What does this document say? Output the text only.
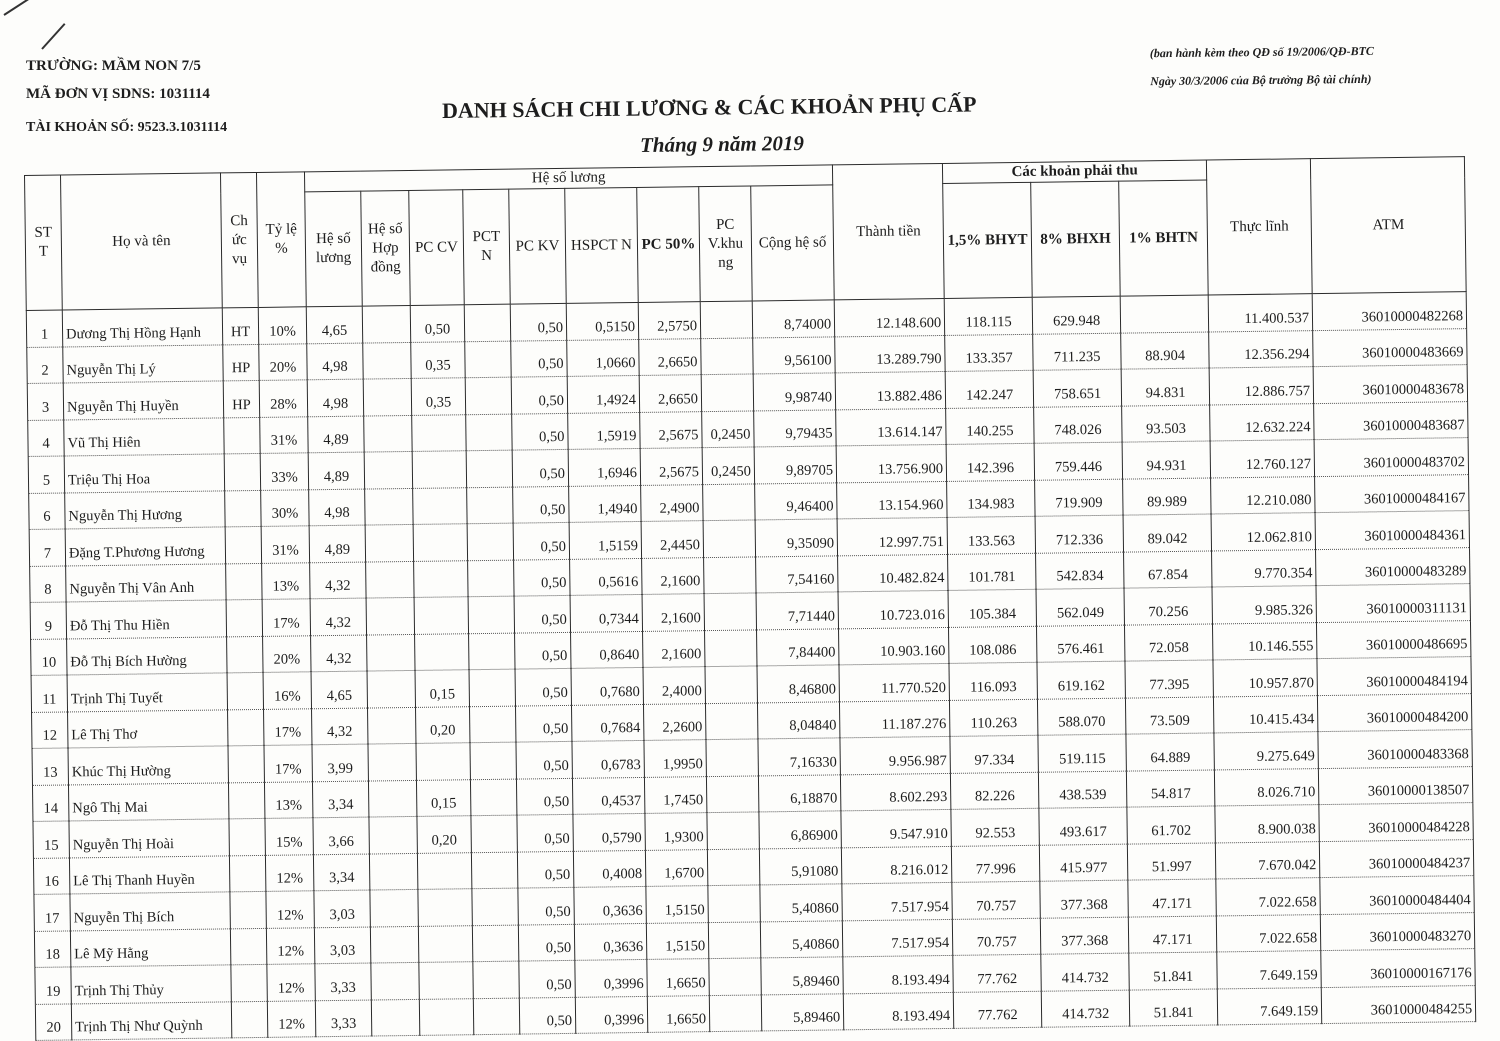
TRƯỜNG: MẦM NON 7/5
MÃ ĐƠN VỊ SDNS: 1031114
TÀI KHOẢN SỐ: 9523.3.1031114
(ban hành kèm theo QĐ số 19/2006/QĐ-BTC
Ngày 30/3/2006 của Bộ trưởng Bộ tài chính)
DANH SÁCH CHI LƯƠNG & CÁC KHOẢN PHỤ CẤP
Tháng 9 năm 2019
ST T	Họ và tên	Ch ức vụ	Tỷ lệ %	Hệ số lương									Thành tiền	Các khoản phải thu			Thực lĩnh	ATM
				Hệ số lương	Hệ số Hợp đồng	PC CV	PCT N	PC KV	HSPCT N	PC 50%	PC V.khu ng	Cộng hệ số		1,5% BHYT	8% BHXH	1% BHTN		
1	Dương Thị Hồng Hạnh	HT	10%	4,65		0,50		0,50	0,5150	2,5750		8,74000	12.148.600	118.115	629.948		11.400.537	36010000482268
2	Nguyễn Thị Lý	HP	20%	4,98		0,35		0,50	1,0660	2,6650		9,56100	13.289.790	133.357	711.235	88.904	12.356.294	36010000483669
3	Nguyễn Thị Huyền	HP	28%	4,98		0,35		0,50	1,4924	2,6650		9,98740	13.882.486	142.247	758.651	94.831	12.886.757	36010000483678
4	Vũ Thị Hiên		31%	4,89				0,50	1,5919	2,5675	0,2450	9,79435	13.614.147	140.255	748.026	93.503	12.632.224	36010000483687
5	Triệu Thị Hoa		33%	4,89				0,50	1,6946	2,5675	0,2450	9,89705	13.756.900	142.396	759.446	94.931	12.760.127	36010000483702
6	Nguyễn Thị Hương		30%	4,98				0,50	1,4940	2,4900		9,46400	13.154.960	134.983	719.909	89.989	12.210.080	36010000484167
7	Đặng T.Phương Hương		31%	4,89				0,50	1,5159	2,4450		9,35090	12.997.751	133.563	712.336	89.042	12.062.810	36010000484361
8	Nguyễn Thị Vân Anh		13%	4,32				0,50	0,5616	2,1600		7,54160	10.482.824	101.781	542.834	67.854	9.770.354	36010000483289
9	Đỗ Thị Thu Hiền		17%	4,32				0,50	0,7344	2,1600		7,71440	10.723.016	105.384	562.049	70.256	9.985.326	36010000311131
10	Đỗ Thị Bích Hường		20%	4,32				0,50	0,8640	2,1600		7,84400	10.903.160	108.086	576.461	72.058	10.146.555	36010000486695
11	Trịnh Thị Tuyết		16%	4,65		0,15		0,50	0,7680	2,4000		8,46800	11.770.520	116.093	619.162	77.395	10.957.870	36010000484194
12	Lê Thị Thơ		17%	4,32		0,20		0,50	0,7684	2,2600		8,04840	11.187.276	110.263	588.070	73.509	10.415.434	36010000484200
13	Khúc Thị Hường		17%	3,99				0,50	0,6783	1,9950		7,16330	9.956.987	97.334	519.115	64.889	9.275.649	36010000483368
14	Ngô Thị Mai		13%	3,34		0,15		0,50	0,4537	1,7450		6,18870	8.602.293	82.226	438.539	54.817	8.026.710	36010000138507
15	Nguyễn Thị Hoài		15%	3,66		0,20		0,50	0,5790	1,9300		6,86900	9.547.910	92.553	493.617	61.702	8.900.038	36010000484228
16	Lê Thị Thanh Huyền		12%	3,34				0,50	0,4008	1,6700		5,91080	8.216.012	77.996	415.977	51.997	7.670.042	36010000484237
17	Nguyễn Thị Bích		12%	3,03				0,50	0,3636	1,5150		5,40860	7.517.954	70.757	377.368	47.171	7.022.658	36010000484404
18	Lê Mỹ Hằng		12%	3,03				0,50	0,3636	1,5150		5,40860	7.517.954	70.757	377.368	47.171	7.022.658	36010000483270
19	Trịnh Thị Thủy		12%	3,33				0,50	0,3996	1,6650		5,89460	8.193.494	77.762	414.732	51.841	7.649.159	36010000167176
20	Trịnh Thị Như Quỳnh		12%	3,33				0,50	0,3996	1,6650		5,89460	8.193.494	77.762	414.732	51.841	7.649.159	36010000484255
